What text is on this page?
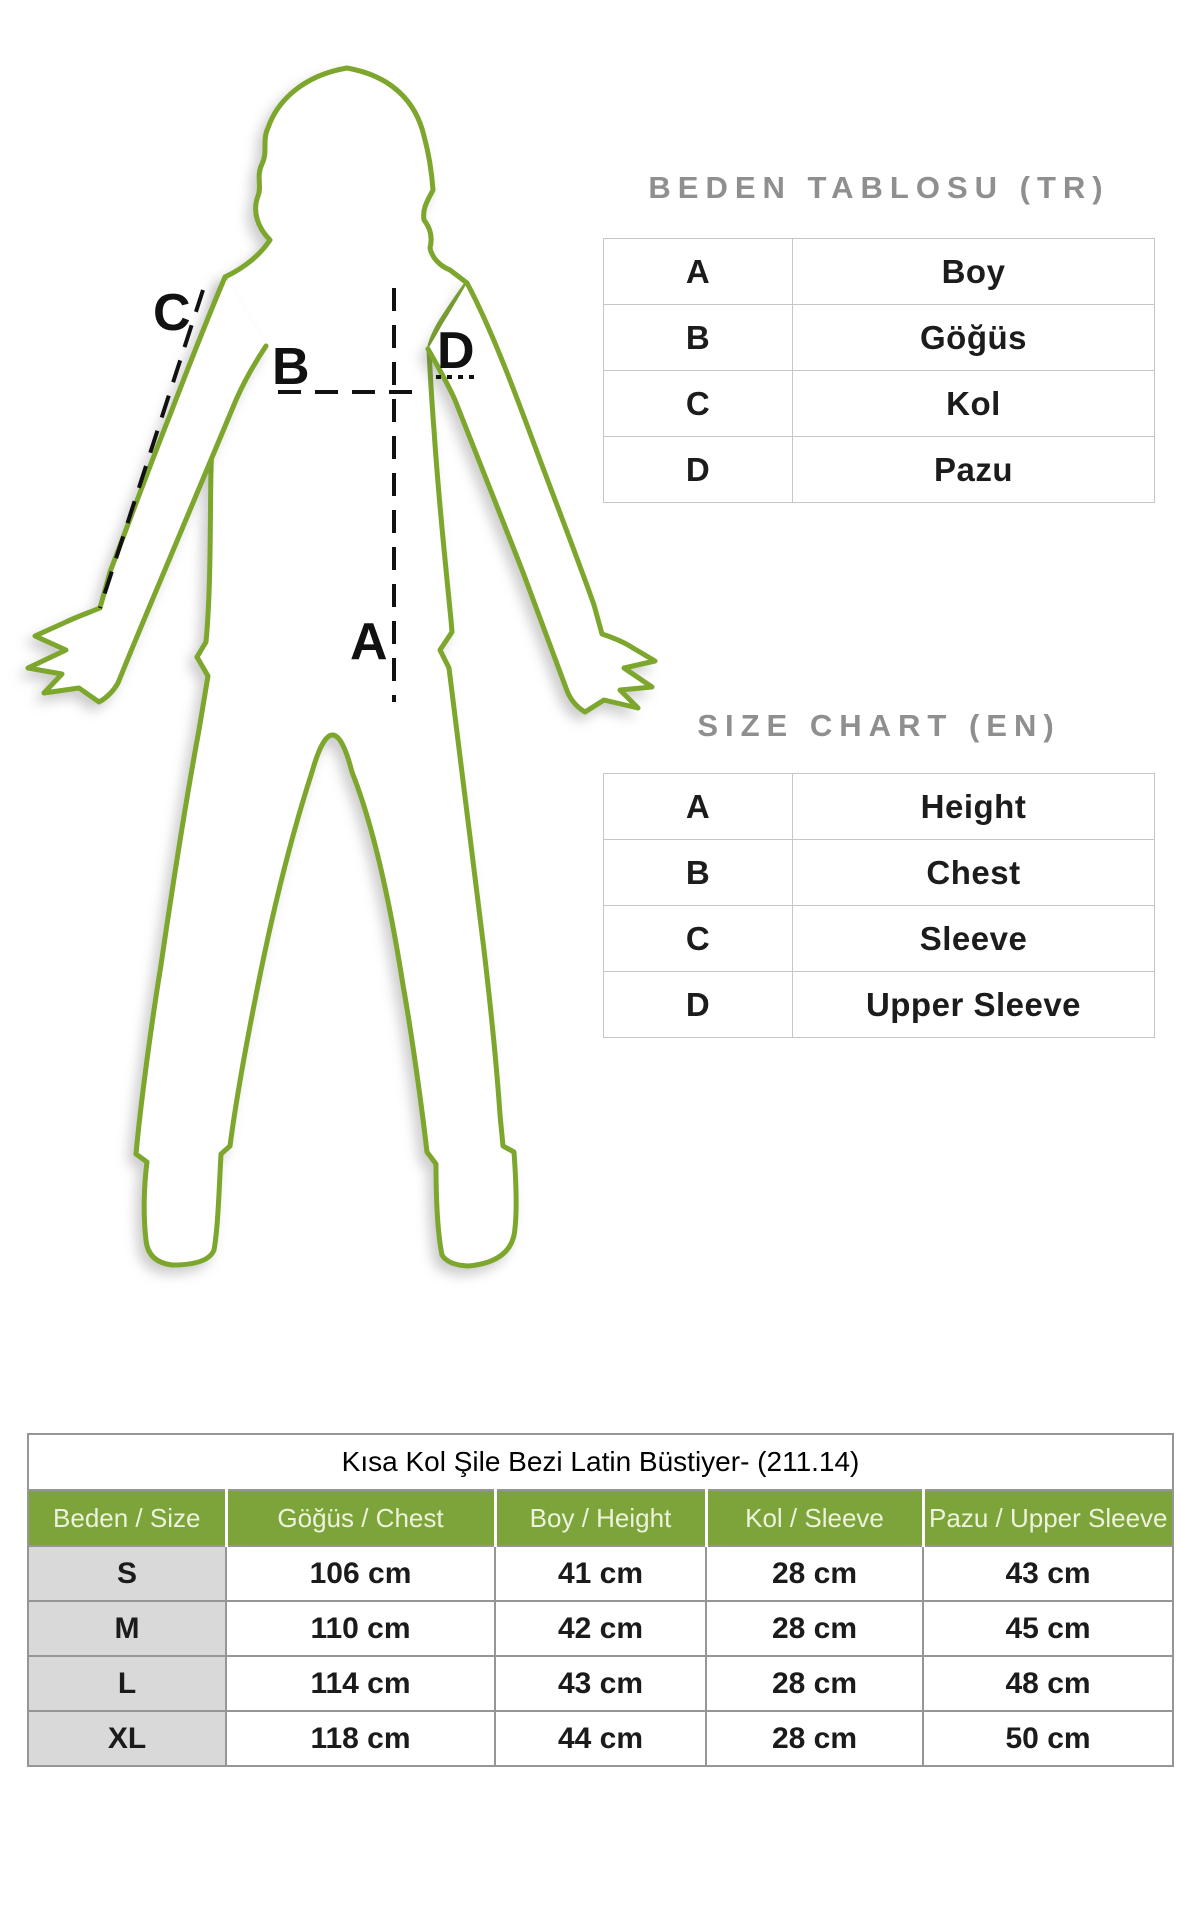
C
B D
A
BEDEN TABLOSU (TR)
A	Boy
B	Göğüs
C	Kol
D	Pazu
SIZE CHART (EN)
A	Height
B	Chest
C	Sleeve
D	Upper Sleeve
Kısa Kol Şile Bezi Latin Büstiyer- (211.14)				
Beden / Size	Göğüs / Chest	Boy / Height	Kol / Sleeve	Pazu / Upper Sleeve
S	106 cm	41 cm	28 cm	43 cm
M	110 cm	42 cm	28 cm	45 cm
L	114 cm	43 cm	28 cm	48 cm
XL	118 cm	44 cm	28 cm	50 cm
